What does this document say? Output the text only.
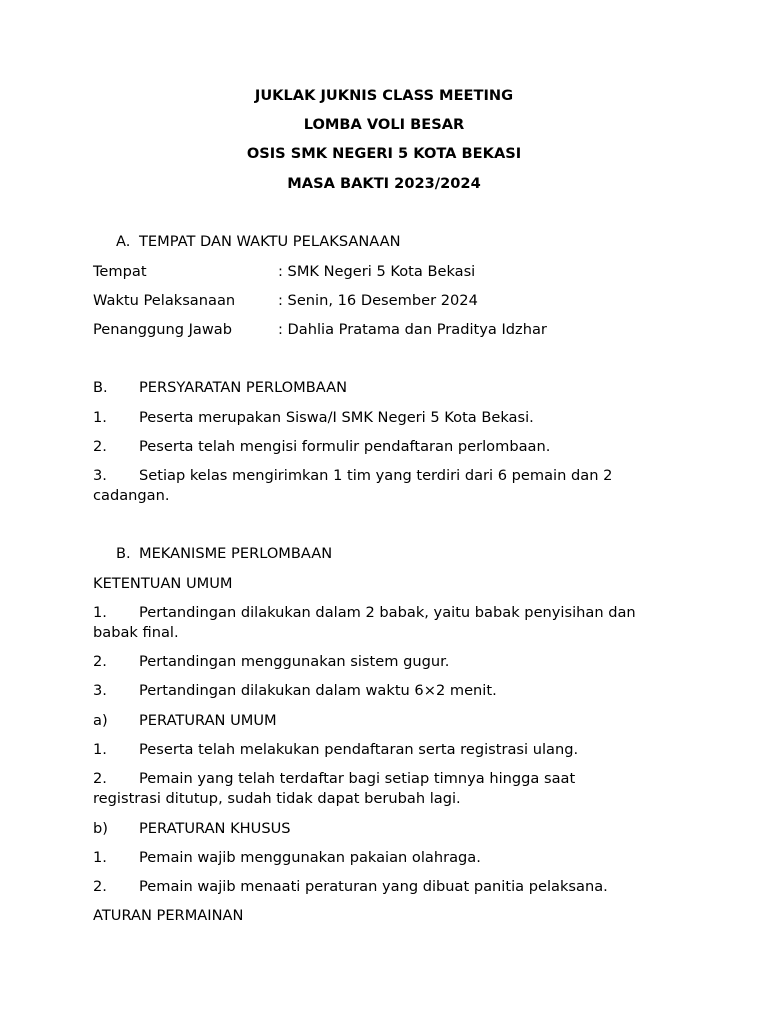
JUKLAK JUKNIS CLASS MEETING
LOMBA VOLI BESAR
OSIS SMK NEGERI 5 KOTA BEKASI
MASA BAKTI 2023/2024
A. TEMPAT DAN WAKTU PELAKSANAAN
Tempat	: SMK Negeri 5 Kota Bekasi
Waktu Pelaksanaan	: Senin, 16 Desember 2024
Penanggung Jawab	: Dahlia Pratama dan Praditya Idzhar
B. PERSYARATAN PERLOMBAAN
1. Peserta merupakan Siswa/I SMK Negeri 5 Kota Bekasi.
2. Peserta telah mengisi formulir pendaftaran perlombaan.
3. Setiap kelas mengirimkan 1 tim yang terdiri dari 6 pemain dan 2 cadangan.
B. MEKANISME PERLOMBAAN
KETENTUAN UMUM
1. Pertandingan dilakukan dalam 2 babak, yaitu babak penyisihan dan babak final.
2. Pertandingan menggunakan sistem gugur.
3. Pertandingan dilakukan dalam waktu 6×2 menit.
a) PERATURAN UMUM
1. Peserta telah melakukan pendaftaran serta registrasi ulang.
2. Pemain yang telah terdaftar bagi setiap timnya hingga saat registrasi ditutup, sudah tidak dapat berubah lagi.
b) PERATURAN KHUSUS
1. Pemain wajib menggunakan pakaian olahraga.
2. Pemain wajib menaati peraturan yang dibuat panitia pelaksana.
ATURAN PERMAINAN
